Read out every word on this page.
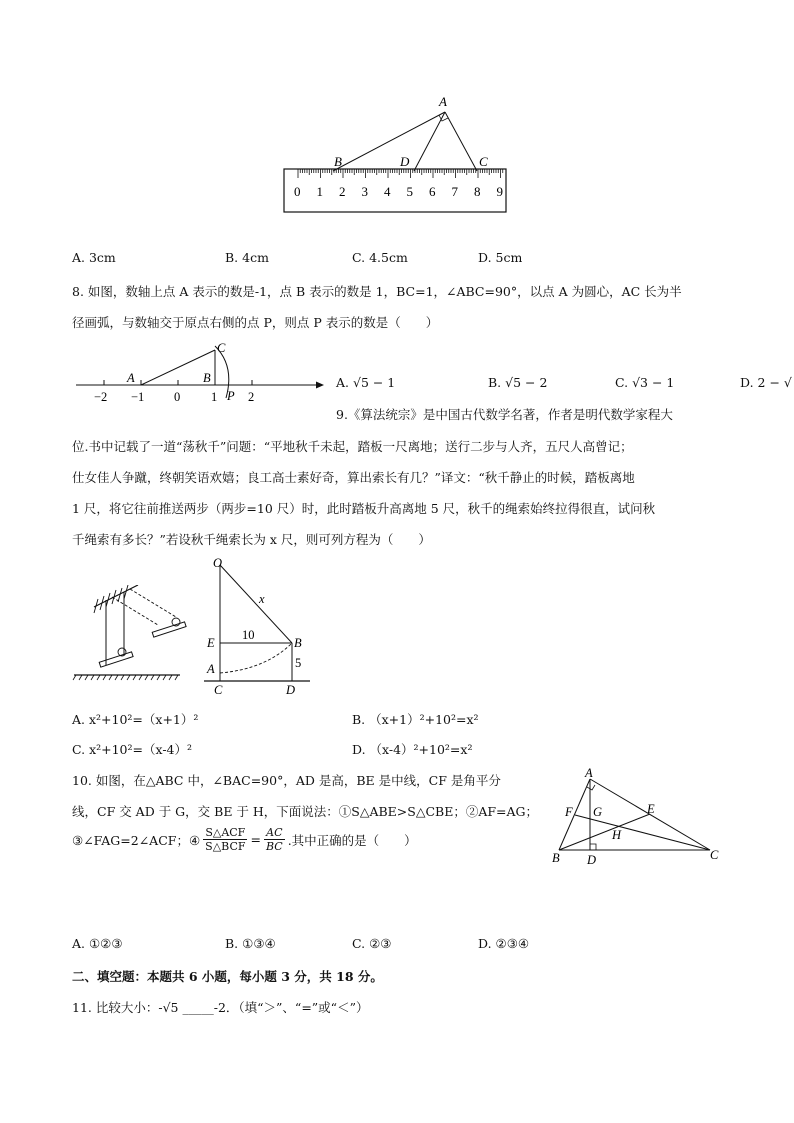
A
B	D	C
0 1 2 3 4 5 6 7 8 9
A. 3cm	B. 4cm	C. 4.5cm	D. 5cm
8. 如图，数轴上点 A 表示的数是-1，点 B 表示的数是 1，BC=1，∠ABC=90°，以点 A 为圆心，AC 长为半
径画弧，与数轴交于原点右侧的点 P，则点 P 表示的数是（　　）
A	B
C
P
−2 −1 0 1 2
A. √5 − 1	B. √5 − 2	C. √3 − 1	D. 2 − √
9.《算法统宗》是中国古代数学名著，作者是明代数学家程大
位.书中记载了一道“荡秋千”问题：“平地秋千未起，踏板一尺离地；送行二步与人齐，五尺人高曾记；
仕女佳人争蹴，终朝笑语欢嬉；良工高士素好奇，算出索长有几？”译文：“秋千静止的时候，踏板离地
1 尺，将它往前推送两步（两步=10 尺）时，此时踏板升高离地 5 尺，秋千的绳索始终拉得很直，试问秋
千绳索有多长？”若设秋千绳索长为 x 尺，则可列方程为（　　）
O
x
E
10
B
A	5
C	D
A. x²+10²=（x+1）²	B. （x+1）²+10²=x²
C. x²+10²=（x-4）²	D. （x-4）²+10²=x²
10. 如图，在△ABC 中，∠BAC=90°，AD 是高，BE 是中线，CF 是角平分
线，CF 交 AD 于 G，交 BE 于 H，下面说法：①S△ABE>S△CBE；②AF=AG；
③∠FAG=2∠ACF；④ S△ACF
S△BCF = $\frac{AC}{BC}$ .其中正确的是（　　）
A
F G	E
H
B D	C
A. ①②③	B. ①③④	C. ②③	D. ②③④
二、填空题：本题共 6 小题，每小题 3 分，共 18 分。
11. 比较大小：-√5 _____-2．（填“＞”、“=”或“＜”）
